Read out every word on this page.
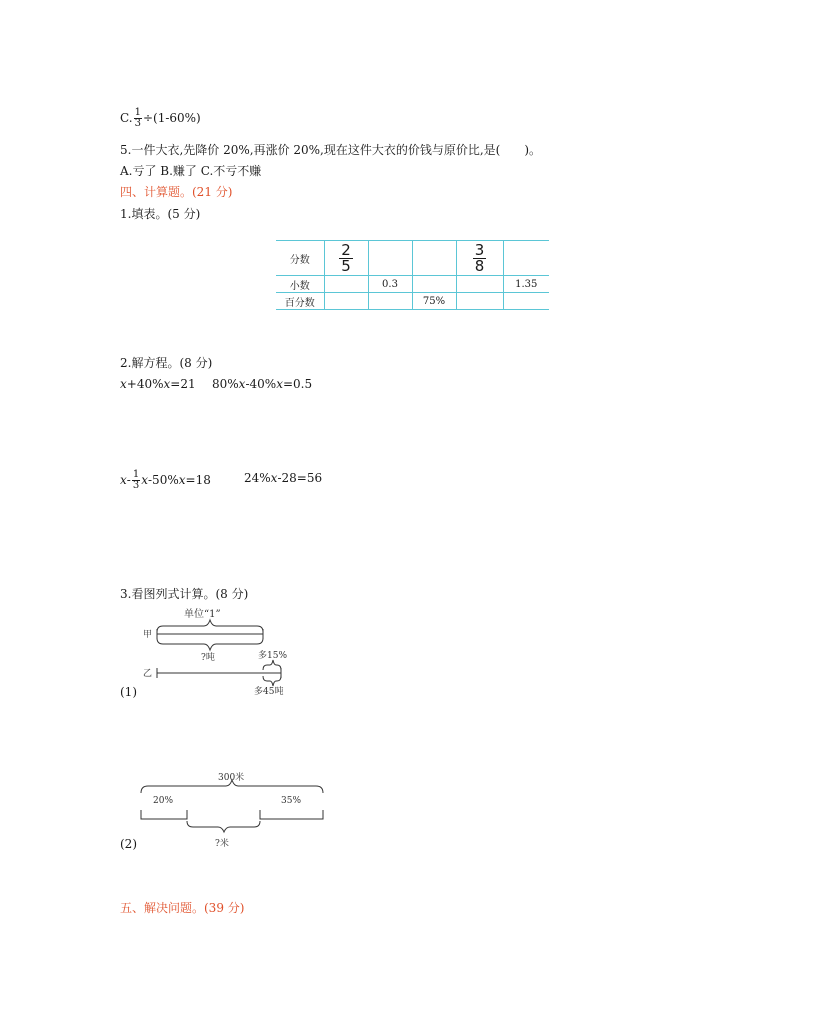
C. $\frac{1}{3} \div(1-60\%)$
5.一件大衣,先降价 20%,再涨价 20%,现在这件大衣的价钱与原价比,是(　　)。
A.亏了 B.赚了 C.不亏不赚
四、计算题。(21 分)
1.填表。(5 分)
分数	$\frac{2}{5}$			$\frac{3}{8}$

小数		0.3			1.35
百分数			75%		
2.解方程。(8 分)
x+40%x=21 80%x-40%x=0.5
$x- \frac{1}{3} x-50\%x=18$	24%x-28=56
3.看图列式计算。(8 分)
(1)
甲
单位“1”
?吨
乙
多15%
多45吨
300米
20%	35%
?米
(2)
五、解决问题。(39 分)
